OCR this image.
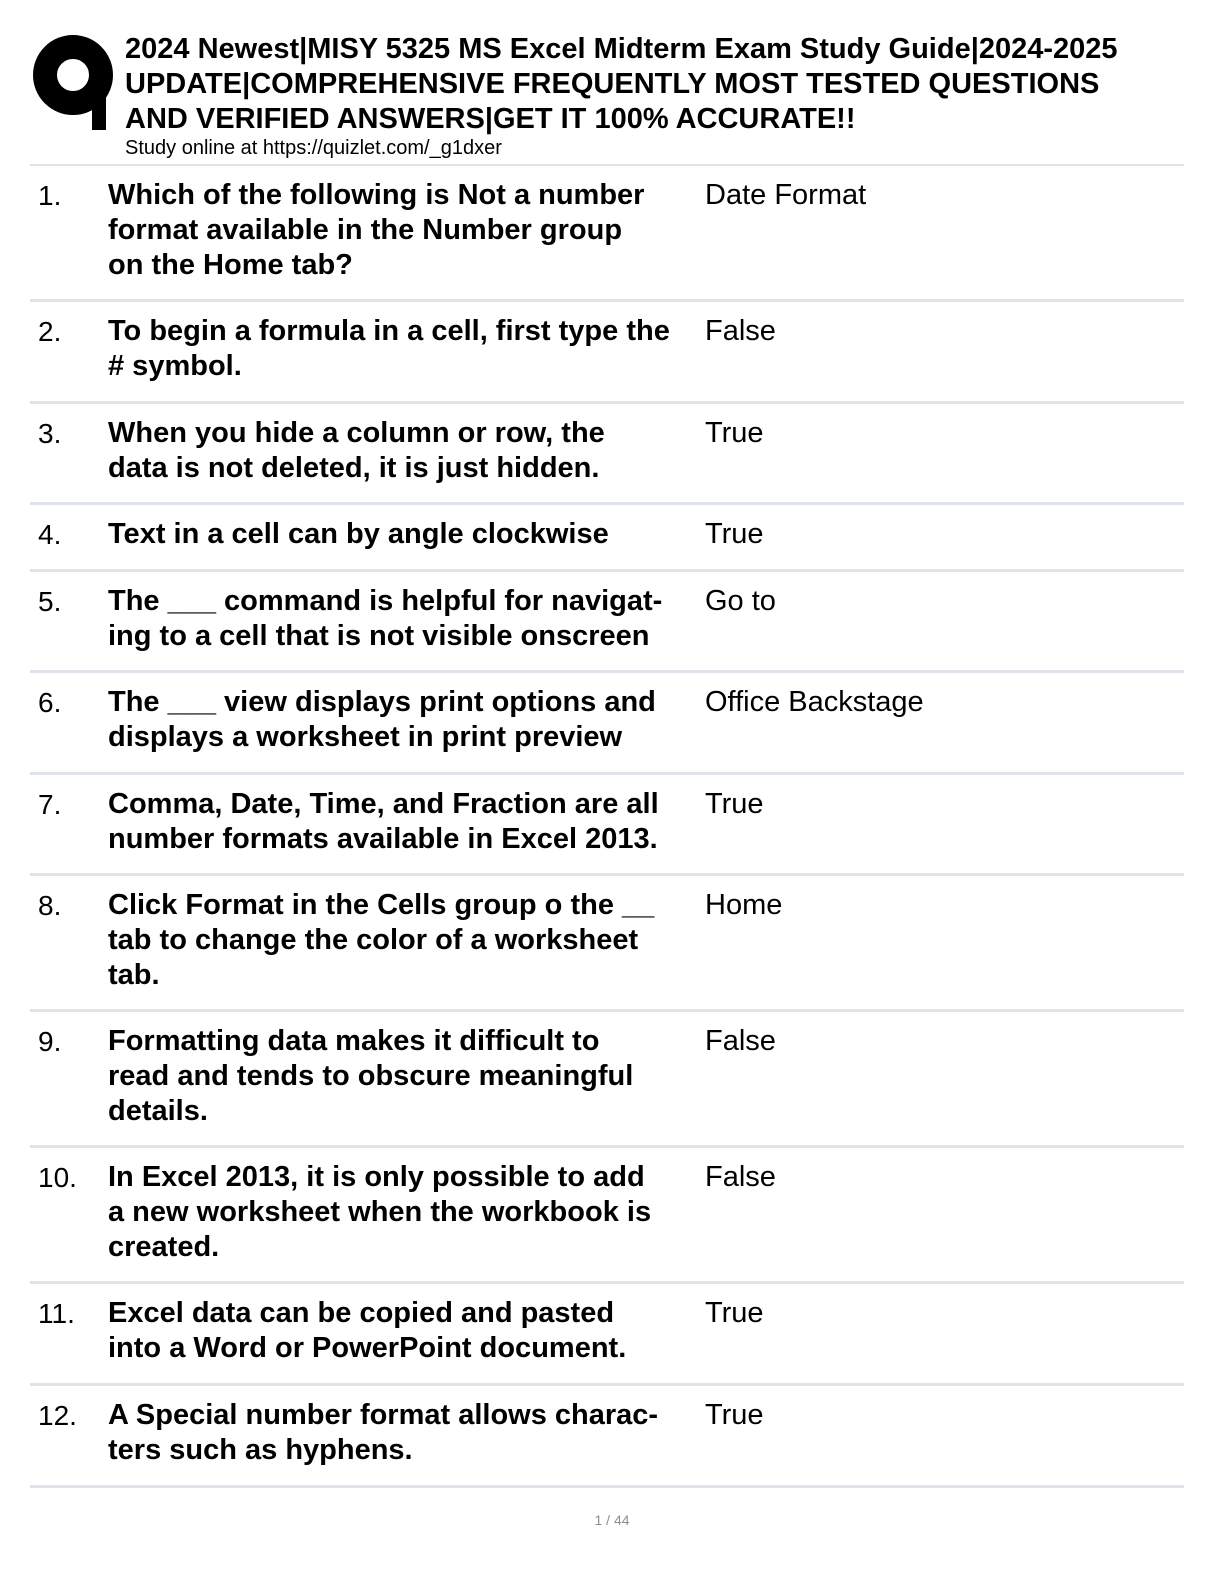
2024 Newest|MISY 5325 MS Excel Midterm Exam Study Guide|2024-2025
UPDATE|COMPREHENSIVE FREQUENTLY MOST TESTED QUESTIONS
AND VERIFIED ANSWERS|GET IT 100% ACCURATE!!
Study online at https://quizlet.com/_g1dxer
1. Which of the following is Not a number
format available in the Number group
on the Home tab?

Date Format
2. To begin a formula in a cell, first type the
# symbol.

False
3. When you hide a column or row, the
data is not deleted, it is just hidden.

True
4. Text in a cell can by angle clockwise	True
5. The ___ command is helpful for navigat-
ing to a cell that is not visible onscreen

Go to
6. The ___ view displays print options and
displays a worksheet in print preview

Office Backstage
7. Comma, Date, Time, and Fraction are all
number formats available in Excel 2013.

True
8. Click Format in the Cells group o the __
tab to change the color of a worksheet
tab.

Home
9. Formatting data makes it difficult to
read and tends to obscure meaningful
details.

False
10. In Excel 2013, it is only possible to add
a new worksheet when the workbook is
created.

False
11. Excel data can be copied and pasted
into a Word or PowerPoint document.

True
12. A Special number format allows charac-
ters such as hyphens.

True
1 / 44
